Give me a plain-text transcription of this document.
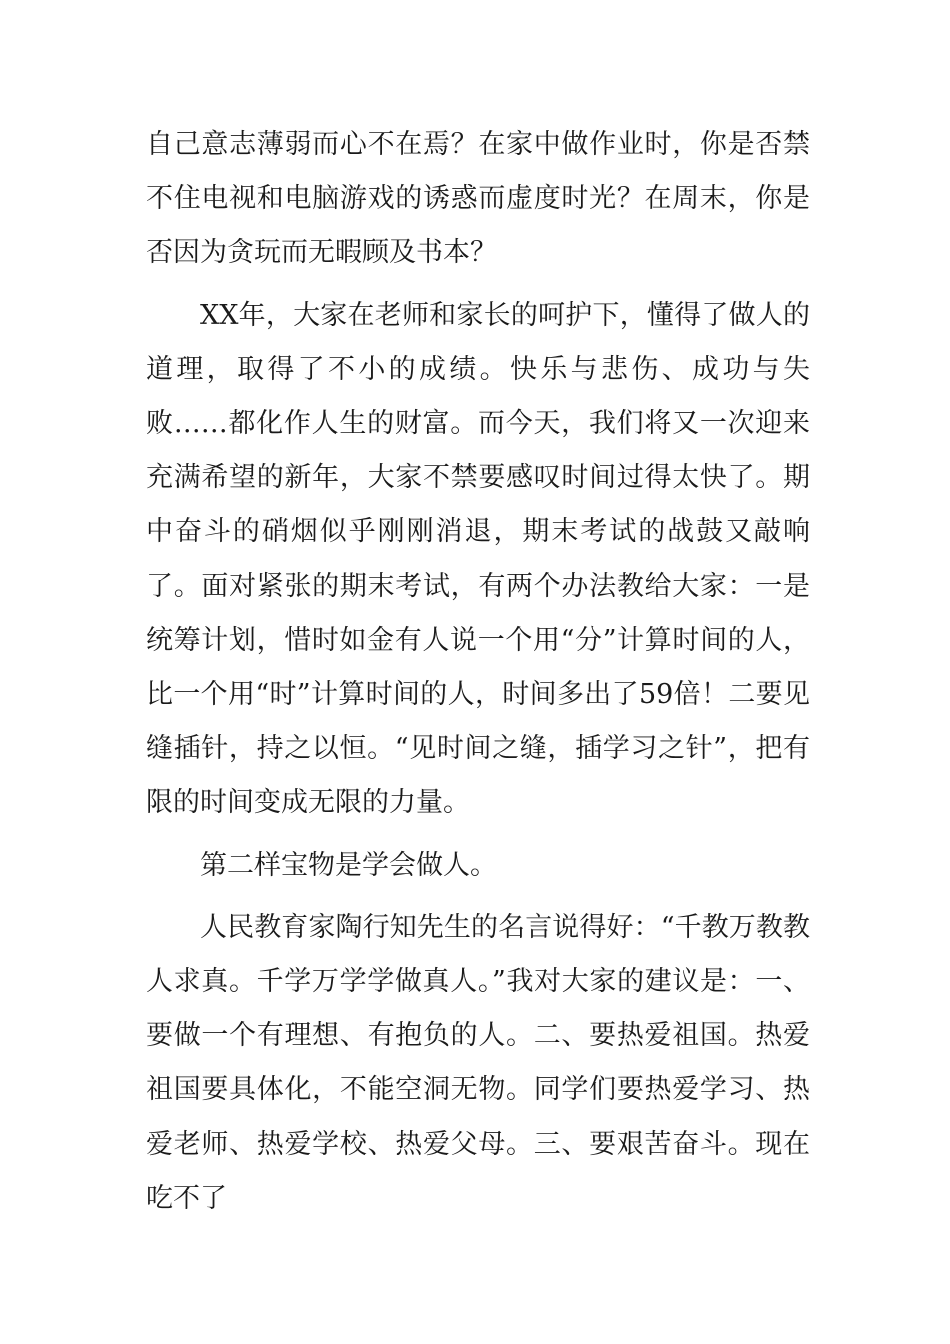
自己意志薄弱而心不在焉？在家中做作业时，你是否禁不住电视和电脑游戏的诱惑而虚度时光？在周末，你是否因为贪玩而无暇顾及书本？

XX年，大家在老师和家长的呵护下，懂得了做人的道理，取得了不小的成绩。快乐与悲伤、成功与失败……都化作人生的财富。而今天，我们将又一次迎来充满希望的新年，大家不禁要感叹时间过得太快了。期中奋斗的硝烟似乎刚刚消退，期末考试的战鼓又敲响了。面对紧张的期末考试，有两个办法教给大家：一是统筹计划，惜时如金有人说一个用“分”计算时间的人，比一个用“时”计算时间的人，时间多出了59倍！二要见缝插针，持之以恒。“见时间之缝，插学习之针”，把有限的时间变成无限的力量。

第二样宝物是学会做人。

人民教育家陶行知先生的名言说得好：“千教万教教人求真。千学万学学做真人。”我对大家的建议是：一、要做一个有理想、有抱负的人。二、要热爱祖国。热爱祖国要具体化，不能空洞无物。同学们要热爱学习、热爱老师、热爱学校、热爱父母。三、要艰苦奋斗。现在吃不了
